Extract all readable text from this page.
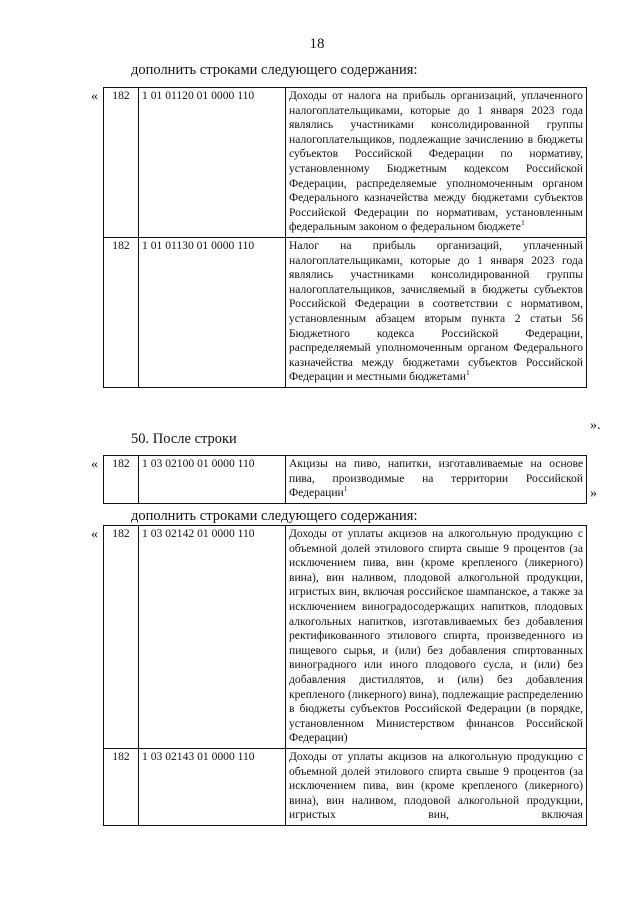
18
дополнить строками следующего содержания:
« 182	1 01 01120 01 0000 110	Доходы от налога на прибыль организаций, уплаченного налогоплательщиками, которые до 1 января 2023 года являлись участниками консолидированной группы налогоплательщиков, подлежащие зачислению в бюджеты субъектов Российской Федерации по нормативу, установленному Бюджетным кодексом Российской Федерации, распределяемые уполномоченным органом Федерального казначейства между бюджетами субъектов Российской Федерации по нормативам, установленным федеральным законом о федеральном бюджете$^1$
182	1 01 01130 01 0000 110	Налог на прибыль организаций, уплаченный налогоплательщиками, которые до 1 января 2023 года являлись участниками консолидированной группы налогоплательщиков, зачисляемый в бюджеты субъектов Российской Федерации в соответствии с нормативом, установленным абзацем вторым пункта 2 статьи 56 Бюджетного кодекса Российской Федерации, распределяемый уполномоченным органом Федерального казначейства между бюджетами субъектов Российской Федерации и местными бюджетами$^1$
».
50. После строки
« 182	1 03 02100 01 0000 110	Акцизы на пиво, напитки, изготавливаемые на основе пива, производимые на территории Российской Федерации$^1$	»
дополнить строками следующего содержания:
« 182	1 03 02142 01 0000 110	Доходы от уплаты акцизов на алкогольную продукцию с объемной долей этилового спирта свыше 9 процентов (за исключением пива, вин (кроме крепленого (ликерного) вина), вин наливом, плодовой алкогольной продукции, игристых вин, включая российское шампанское, а также за исключением виноградосодержащих напитков, плодовых алкогольных напитков, изготавливаемых без добавления ректификованного этилового спирта, произведенного из пищевого сырья, и (или) без добавления спиртованных виноградного или иного плодового сусла, и (или) без добавления дистиллятов, и (или) без добавления крепленого (ликерного) вина), подлежащие распределению в бюджеты субъектов Российской Федерации (в порядке, установленном Министерством финансов Российской Федерации)
182	1 03 02143 01 0000 110	Доходы от уплаты акцизов на алкогольную продукцию с объемной долей этилового спирта свыше 9 процентов (за исключением пива, вин (кроме крепленого (ликерного) вина), вин наливом, плодовой алкогольной продукции, игристых вин, включая
